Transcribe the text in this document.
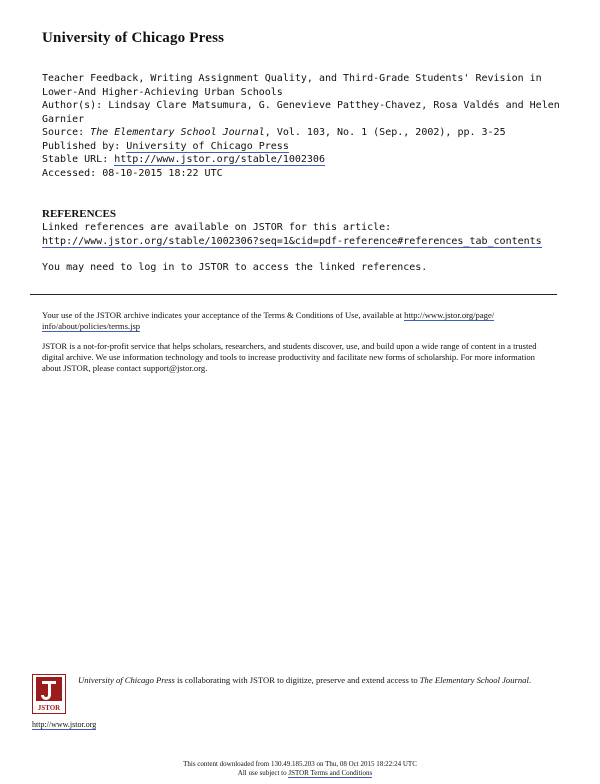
University of Chicago Press
Teacher Feedback, Writing Assignment Quality, and Third-Grade Students' Revision in
Lower-And Higher-Achieving Urban Schools
Author(s): Lindsay Clare Matsumura, G. Genevieve Patthey-Chavez, Rosa Valdés and Helen
Garnier
Source: The Elementary School Journal, Vol. 103, No. 1 (Sep., 2002), pp. 3-25
Published by: University of Chicago Press
Stable URL: http://www.jstor.org/stable/1002306
Accessed: 08-10-2015 18:22 UTC
REFERENCES
Linked references are available on JSTOR for this article:
http://www.jstor.org/stable/1002306?seq=1&cid=pdf-reference#references_tab_contents
You may need to log in to JSTOR to access the linked references.

Your use of the JSTOR archive indicates your acceptance of the Terms & Conditions of Use, available at http://www.jstor.org/page/
info/about/policies/terms.jsp

JSTOR is a not-for-profit service that helps scholars, researchers, and students discover, use, and build upon a wide range of content in a trusted digital archive. We use information technology and tools to increase productivity and facilitate new forms of scholarship. For more information about JSTOR, please contact support@jstor.org.

JSTOR
University of Chicago Press is collaborating with JSTOR to digitize, preserve and extend access to The Elementary School Journal.
http://www.jstor.org
This content downloaded from 130.49.185.203 on Thu, 08 Oct 2015 18:22:24 UTC
All use subject to JSTOR Terms and Conditions
